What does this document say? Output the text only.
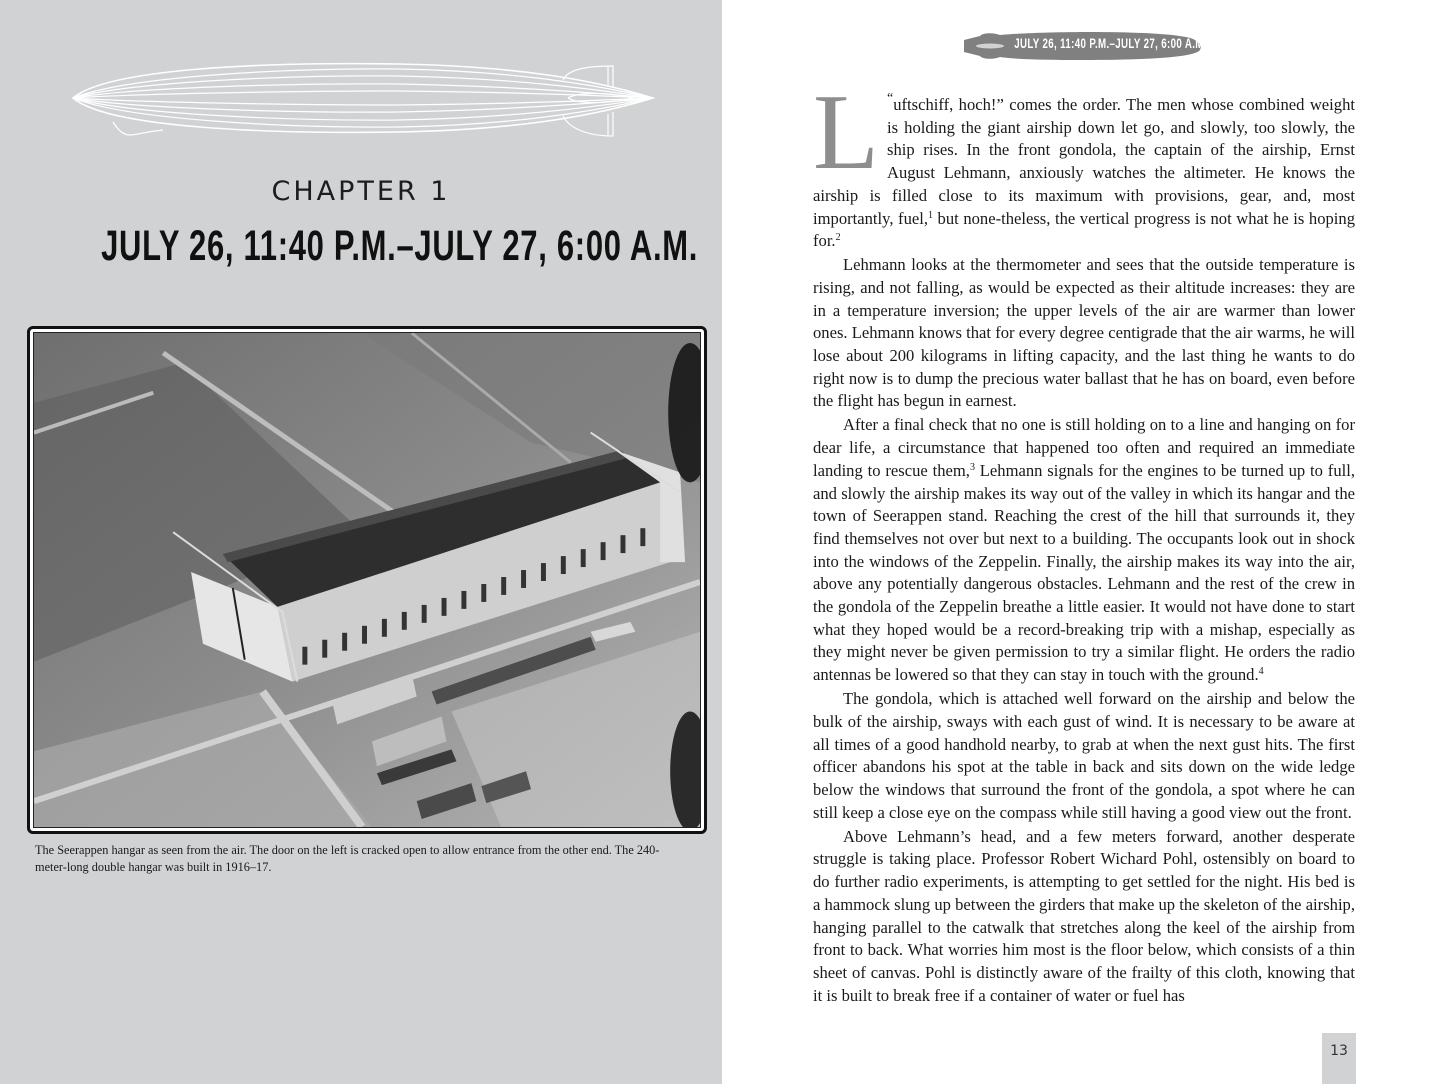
CHAPTER 1
JULY 26, 11:40 P.M.–JULY 27, 6:00 A.M.
The Seerappen hangar as seen from the air. The door on the left is cracked open to allow entrance from the other end. The 240-meter-long double hangar was built in 1916–17.
JULY 26, 11:40 P.M.–JULY 27, 6:00 A.M.

“
L uftschiff, hoch!” comes the order. The men whose combined weight is holding the giant airship down let go, and slowly, too slowly, the ship rises. In the front gondola, the captain of the airship, Ernst August Lehmann, anxiously watches the altimeter. He knows the airship is filled close to its maximum with provisions, gear, and, most importantly, fuel,$^1$ but none-theless, the vertical progress is not what he is hoping for.$^2$

Lehmann looks at the thermometer and sees that the outside temperature is rising, and not falling, as would be expected as their altitude increases: they are in a temperature inversion; the upper levels of the air are warmer than lower ones. Lehmann knows that for every degree centigrade that the air warms, he will lose about 200 kilograms in lifting capacity, and the last thing he wants to do right now is to dump the precious water ballast that he has on board, even before the flight has begun in earnest.

After a final check that no one is still holding on to a line and hanging on for dear life, a circumstance that happened too often and required an immediate landing to rescue them,$^3$ Lehmann signals for the engines to be turned up to full, and slowly the airship makes its way out of the valley in which its hangar and the town of Seerappen stand. Reaching the crest of the hill that surrounds it, they find themselves not over but next to a building. The occupants look out in shock into the windows of the Zeppelin. Finally, the airship makes its way into the air, above any potentially dangerous obstacles. Lehmann and the rest of the crew in the gondola of the Zeppelin breathe a little easier. It would not have done to start what they hoped would be a record-breaking trip with a mishap, especially as they might never be given permission to try a similar flight. He orders the radio antennas be lowered so that they can stay in touch with the ground.$^4$

The gondola, which is attached well forward on the airship and below the bulk of the airship, sways with each gust of wind. It is necessary to be aware at all times of a good handhold nearby, to grab at when the next gust hits. The first officer abandons his spot at the table in back and sits down on the wide ledge below the windows that surround the front of the gondola, a spot where he can still keep a close eye on the compass while still having a good view out the front.

Above Lehmann’s head, and a few meters forward, another desperate struggle is taking place. Professor Robert Wichard Pohl, ostensibly on board to do further radio experiments, is attempting to get settled for the night. His bed is a hammock slung up between the girders that make up the skeleton of the airship, hanging parallel to the catwalk that stretches along the keel of the airship from front to back. What worries him most is the floor below, which consists of a thin sheet of canvas. Pohl is distinctly aware of the frailty of this cloth, knowing that it is built to break free if a container of water or fuel has

13
